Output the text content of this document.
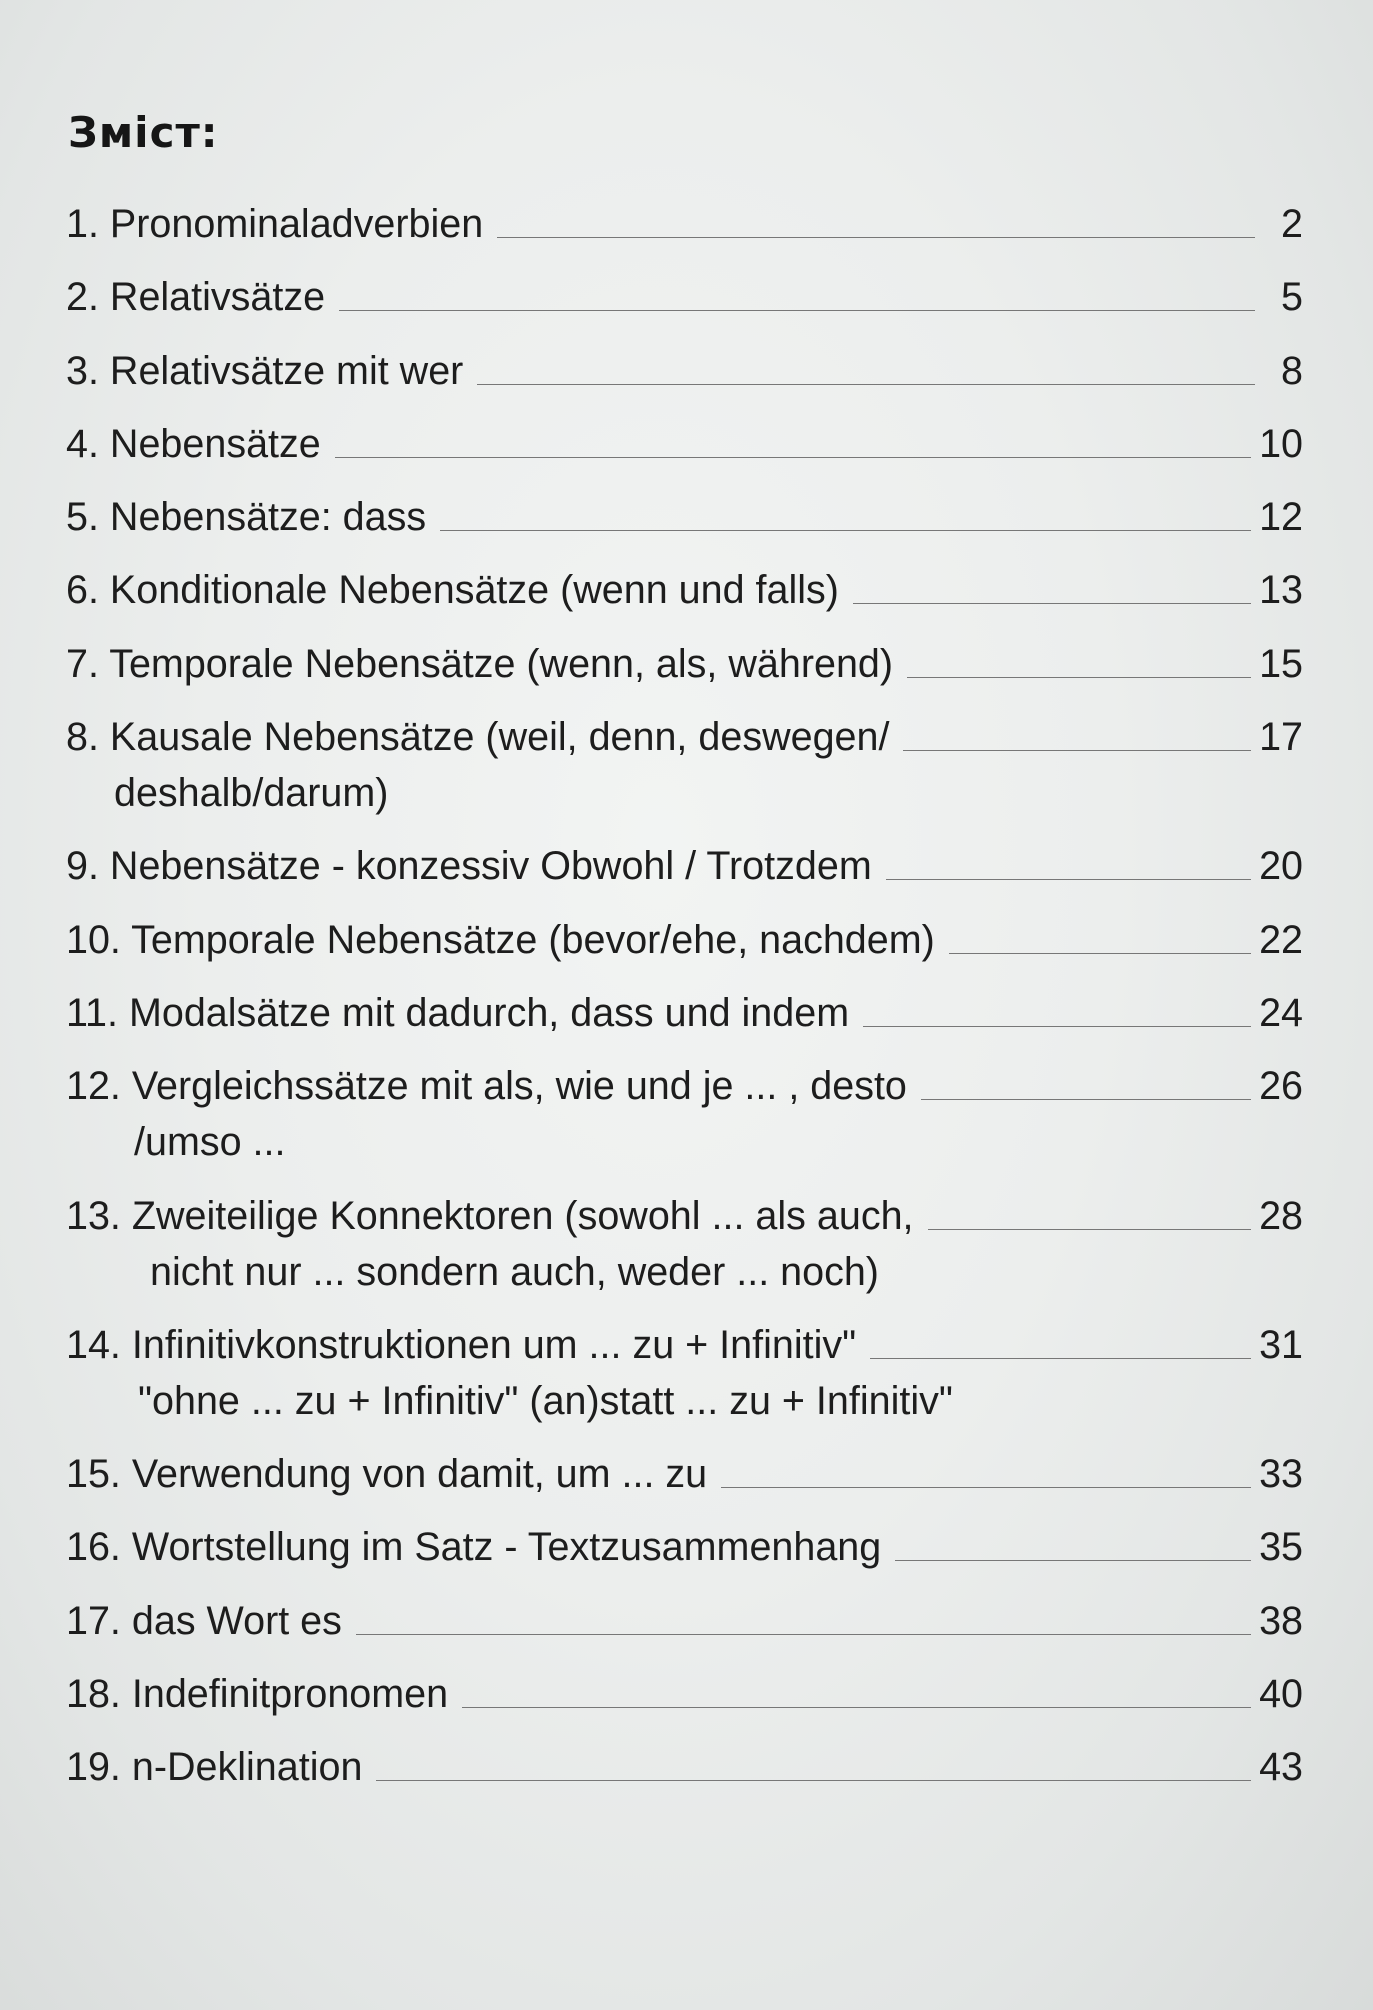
Зміст:
1. Pronominaladverbien	2
2. Relativsätze	5
3. Relativsätze mit wer	8
4. Nebensätze	10
5. Nebensätze: dass	12
6. Konditionale Nebensätze (wenn und falls)	13
7. Temporale Nebensätze (wenn, als, während)	15
8. Kausale Nebensätze (weil, denn, deswegen/	17
deshalb/darum)
9. Nebensätze - konzessiv Obwohl / Trotzdem	20
10. Temporale Nebensätze (bevor/ehe, nachdem)	22
11. Modalsätze mit dadurch, dass und indem	24
12. Vergleichssätze mit als, wie und je ... , desto	26
/umso ...
13. Zweiteilige Konnektoren (sowohl ... als auch,	28
nicht nur ... sondern auch, weder ... noch)
14. Infinitivkonstruktionen um ... zu + Infinitiv"	31
"ohne ... zu + Infinitiv" (an)statt ... zu + Infinitiv"
15. Verwendung von damit, um ... zu	33
16. Wortstellung im Satz - Textzusammenhang	35
17. das Wort es	38
18. Indefinitpronomen	40
19. n-Deklination	43
